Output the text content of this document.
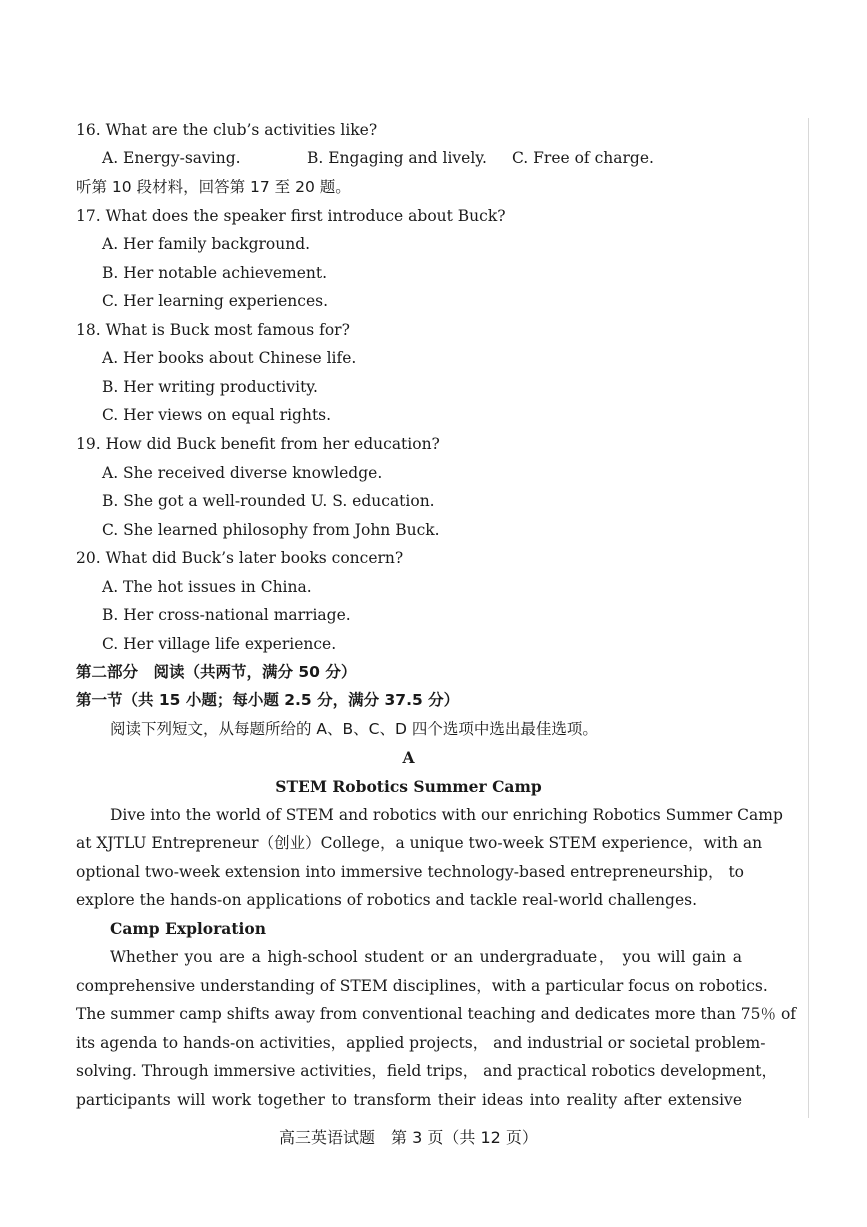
16. What are the club’s activities like?
A. Energy-saving.	B. Engaging and lively. C. Free of charge.
听第 10 段材料，回答第 17 至 20 题。
17. What does the speaker first introduce about Buck?
A. Her family background.
B. Her notable achievement.
C. Her learning experiences.
18. What is Buck most famous for?
A. Her books about Chinese life.
B. Her writing productivity.
C. Her views on equal rights.
19. How did Buck benefit from her education?
A. She received diverse knowledge.
B. She got a well-rounded U. S. education.
C. She learned philosophy from John Buck.
20. What did Buck’s later books concern?
A. The hot issues in China.
B. Her cross-national marriage.
C. Her village life experience.
第二部分　阅读（共两节，满分 50 分）
第一节（共 15 小题；每小题 2.5 分，满分 37.5 分）
阅读下列短文，从每题所给的 A、B、C、D 四个选项中选出最佳选项。
A
STEM Robotics Summer Camp
Dive into the world of STEM and robotics with our enriching Robotics Summer Camp
at XJTLU Entrepreneur（创业）College，a unique two-week STEM experience，with an
optional two-week extension into immersive technology-based entrepreneurship， to
explore the hands-on applications of robotics and tackle real-world challenges.
Camp Exploration
Whether you are a high-school student or an undergraduate， you will gain a
comprehensive understanding of STEM disciplines，with a particular focus on robotics.
The summer camp shifts away from conventional teaching and dedicates more than 75％ of
its agenda to hands-on activities，applied projects， and industrial or societal problem-
solving. Through immersive activities，field trips， and practical robotics development，
participants will work together to transform their ideas into reality after extensive
高三英语试题　第 3 页（共 12 页）
